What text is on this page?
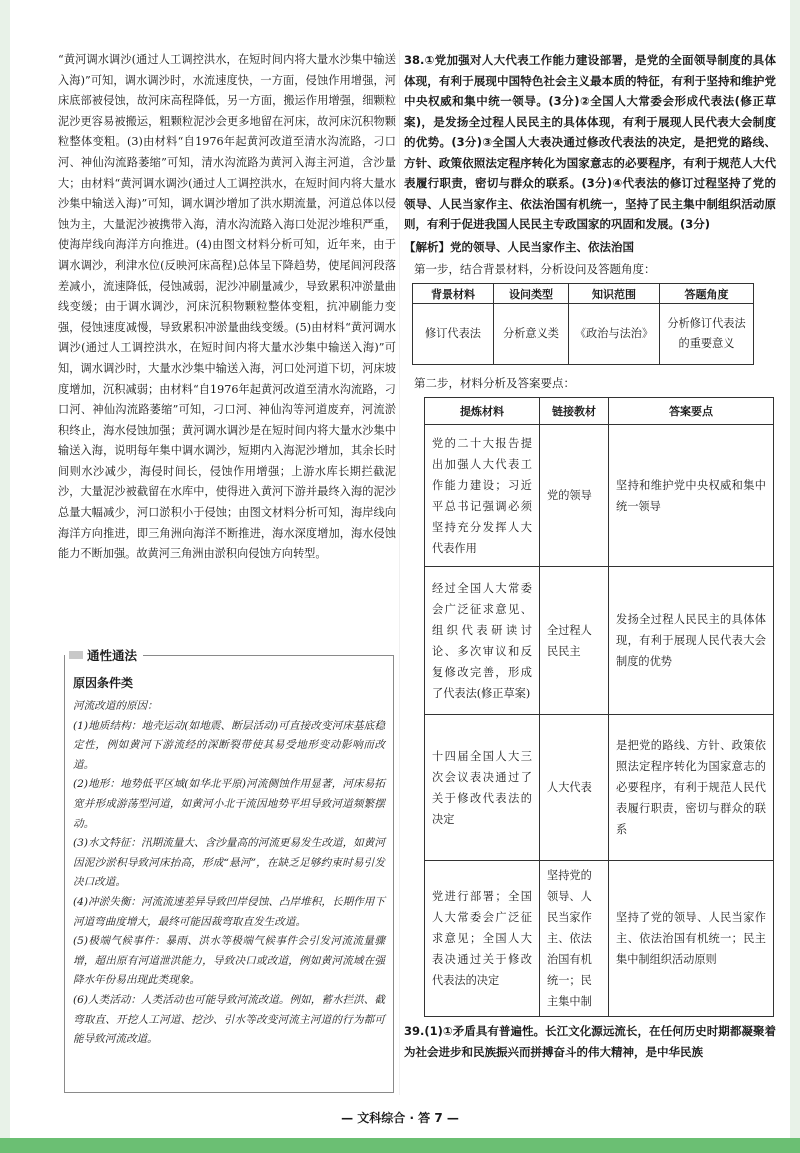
“黄河调水调沙(通过人工调控洪水，在短时间内将大量水沙集中输送入海)”可知，调水调沙时，水流速度快，一方面，侵蚀作用增强，河床底部被侵蚀，故河床高程降低，另一方面，搬运作用增强，细颗粒泥沙更容易被搬运，粗颗粒泥沙会更多地留在河床，故河床沉积物颗粒整体变粗。(3)由材料“自1976年起黄河改道至清水沟流路，刁口河、神仙沟流路萎缩”可知，清水沟流路为黄河入海主河道，含沙量大；由材料“黄河调水调沙(通过人工调控洪水，在短时间内将大量水沙集中输送入海)”可知，调水调沙增加了洪水期流量，河道总体以侵蚀为主，大量泥沙被携带入海，清水沟流路入海口处泥沙堆积严重，使海岸线向海洋方向推进。(4)由图文材料分析可知，近年来，由于调水调沙，利津水位(反映河床高程)总体呈下降趋势，使尾闾河段落差减小，流速降低，侵蚀减弱，泥沙冲刷量减少，导致累积冲淤量曲线变缓；由于调水调沙，河床沉积物颗粒整体变粗，抗冲刷能力变强，侵蚀速度减慢，导致累积冲淤量曲线变缓。(5)由材料“黄河调水调沙(通过人工调控洪水，在短时间内将大量水沙集中输送入海)”可知，调水调沙时，大量水沙集中输送入海，河口处河道下切，河床坡度增加，沉积减弱；由材料“自1976年起黄河改道至清水沟流路，刁口河、神仙沟流路萎缩”可知，刁口河、神仙沟等河道废弃，河流淤积终止，海水侵蚀加强；黄河调水调沙是在短时间内将大量水沙集中输送入海，说明每年集中调水调沙，短期内入海泥沙增加，其余长时间则水沙减少，海侵时间长，侵蚀作用增强；上游水库长期拦截泥沙，大量泥沙被截留在水库中，使得进入黄河下游并最终入海的泥沙总量大幅减少，河口淤积小于侵蚀；由图文材料分析可知，海岸线向海洋方向推进，即三角洲向海洋不断推进，海水深度增加，海水侵蚀能力不断加强。故黄河三角洲由淤积向侵蚀方向转型。

通性通法

原因条件类

河流改道的原因：

(1)地质结构：地壳运动(如地震、断层活动)可直接改变河床基底稳定性，例如黄河下游流经的深断裂带使其易受地形变动影响而改道。

(2)地形：地势低平区域(如华北平原)河流侧蚀作用显著，河床易拓宽并形成游荡型河道，如黄河小北干流因地势平坦导致河道频繁摆动。

(3)水文特征：汛期流量大、含沙量高的河流更易发生改道，如黄河因泥沙淤积导致河床抬高，形成“悬河”，在缺乏足够约束时易引发决口改道。

(4)冲淤失衡：河流流速差异导致凹岸侵蚀、凸岸堆积，长期作用下河道弯曲度增大，最终可能因裁弯取直发生改道。

(5)极端气候事件：暴雨、洪水等极端气候事件会引发河流流量骤增，超出原有河道泄洪能力，导致决口或改道，例如黄河流域在强降水年份易出现此类现象。

(6)人类活动：人类活动也可能导致河流改道。例如，蓄水拦洪、截弯取直、开挖人工河道、挖沙、引水等改变河流主河道的行为都可能导致河流改道。

38.①党加强对人大代表工作能力建设部署，是党的全面领导制度的具体体现，有利于展现中国特色社会主义最本质的特征，有利于坚持和维护党中央权威和集中统一领导。(3分)②全国人大常委会形成代表法(修正草案)，是发扬全过程人民民主的具体体现，有利于展现人民代表大会制度的优势。(3分)③全国人大表决通过修改代表法的决定，是把党的路线、方针、政策依照法定程序转化为国家意志的必要程序，有利于规范人大代表履行职责，密切与群众的联系。(3分)④代表法的修订过程坚持了党的领导、人民当家作主、依法治国有机统一，坚持了民主集中制组织活动原则，有利于促进我国人民民主专政国家的巩固和发展。(3分)

【解析】党的领导、人民当家作主、依法治国

第一步，结合背景材料，分析设问及答题角度：

背景材料	设问类型	知识范围	答题角度
修订代表法	分析意义类	《政治与法治》	分析修订代表法的重要意义

第二步，材料分析及答案要点：

提炼材料	链接教材	答案要点
党的二十大报告提出加强人大代表工作能力建设；习近平总书记强调必须坚持充分发挥人大代表作用	党的领导	坚持和维护党中央权威和集中统一领导
经过全国人大常委会广泛征求意见、组织代表研读讨论、多次审议和反复修改完善，形成了代表法(修正草案)	全过程人民民主	发扬全过程人民民主的具体体现，有利于展现人民代表大会制度的优势
十四届全国人大三次会议表决通过了关于修改代表法的决定	人大代表	是把党的路线、方针、政策依照法定程序转化为国家意志的必要程序，有利于规范人民代表履行职责，密切与群众的联系
党进行部署；全国人大常委会广泛征求意见；全国人大表决通过关于修改代表法的决定	坚持党的领导、人民当家作主、依法治国有机统一；民主集中制	坚持了党的领导、人民当家作主、依法治国有机统一；民主集中制组织活动原则

39.(1)①矛盾具有普遍性。长江文化源远流长，在任何历史时期都凝聚着为社会进步和民族振兴而拼搏奋斗的伟大精神，是中华民族

— 文科综合 · 答 7 —
